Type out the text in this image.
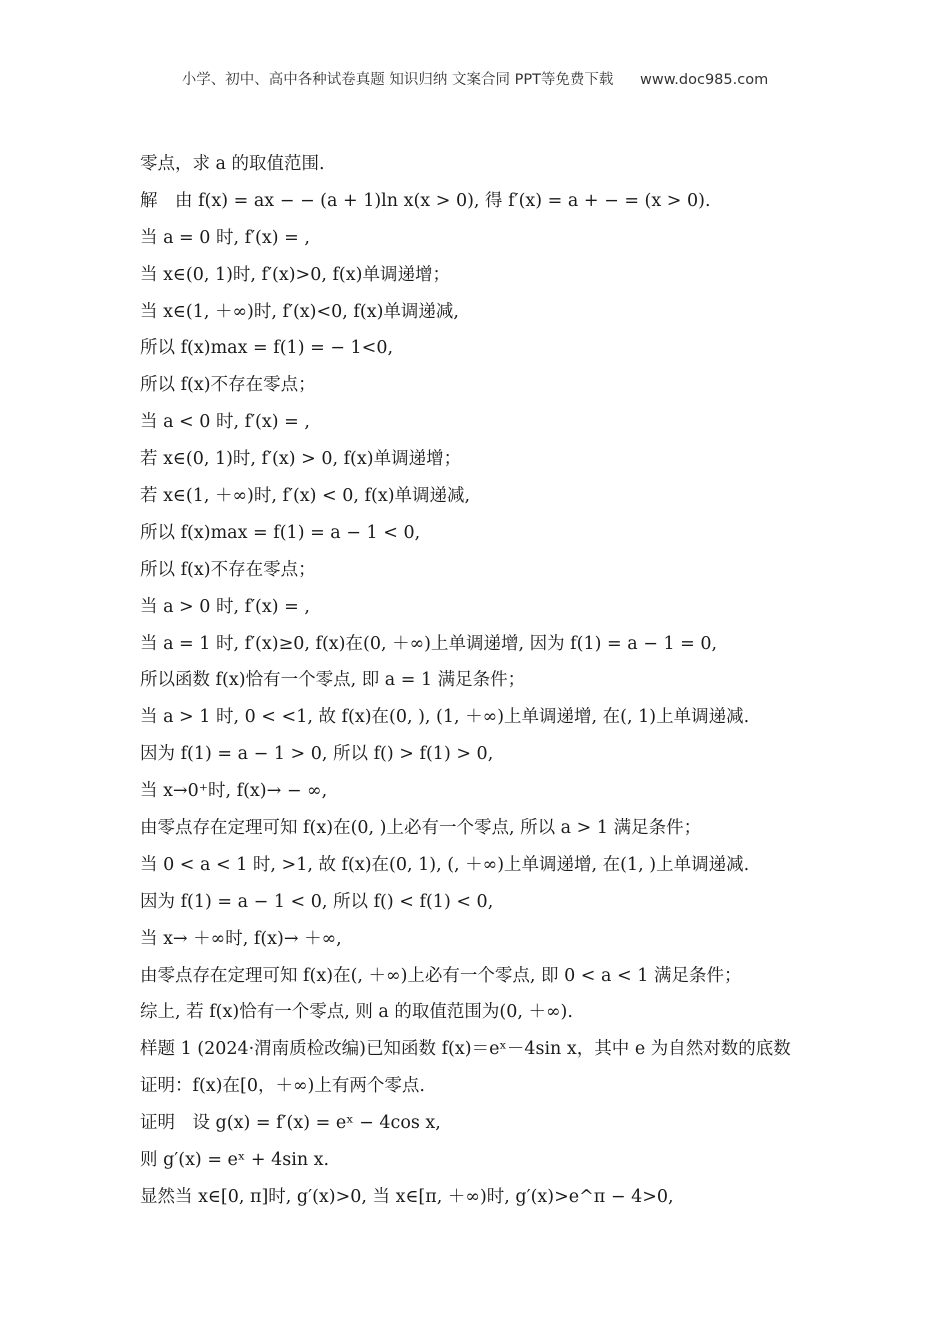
小学、初中、高中各种试卷真题 知识归纳 文案合同 PPT等免费下载 www.doc985.com
零点，求 a 的取值范围.
解　由 f(x) = ax − − (a + 1)ln x(x > 0), 得 f′(x) = a + − = (x > 0).
当 a = 0 时, f′(x) = ,
当 x∈(0, 1)时, f′(x)>0, f(x)单调递增；
当 x∈(1, ＋∞)时, f′(x)<0, f(x)单调递减,
所以 f(x)max = f(1) = − 1<0,
所以 f(x)不存在零点；
当 a < 0 时, f′(x) = ,
若 x∈(0, 1)时, f′(x) > 0, f(x)单调递增；
若 x∈(1, ＋∞)时, f′(x) < 0, f(x)单调递减,
所以 f(x)max = f(1) = a − 1 < 0,
所以 f(x)不存在零点；
当 a > 0 时, f′(x) = ,
当 a = 1 时, f′(x)≥0, f(x)在(0, ＋∞)上单调递增, 因为 f(1) = a − 1 = 0,
所以函数 f(x)恰有一个零点, 即 a = 1 满足条件；
当 a > 1 时, 0 < <1, 故 f(x)在(0, ), (1, ＋∞)上单调递增, 在(, 1)上单调递减.
因为 f(1) = a − 1 > 0, 所以 f() > f(1) > 0,
当 x→0⁺时, f(x)→ − ∞,
由零点存在定理可知 f(x)在(0, )上必有一个零点, 所以 a > 1 满足条件；
当 0 < a < 1 时, >1, 故 f(x)在(0, 1), (, ＋∞)上单调递增, 在(1, )上单调递减.
因为 f(1) = a − 1 < 0, 所以 f() < f(1) < 0,
当 x→ ＋∞时, f(x)→ ＋∞,
由零点存在定理可知 f(x)在(, ＋∞)上必有一个零点, 即 0 < a < 1 满足条件；
综上, 若 f(x)恰有一个零点, 则 a 的取值范围为(0, ＋∞).
样题 1 (2024·渭南质检改编)已知函数 f(x)＝eˣ－4sin x，其中 e 为自然对数的底数
证明：f(x)在[0，＋∞)上有两个零点.
证明　设 g(x) = f′(x) = eˣ − 4cos x,
则 g′(x) = eˣ + 4sin x.
显然当 x∈[0, π]时, g′(x)>0, 当 x∈[π, ＋∞)时, g′(x)>e^π − 4>0,
